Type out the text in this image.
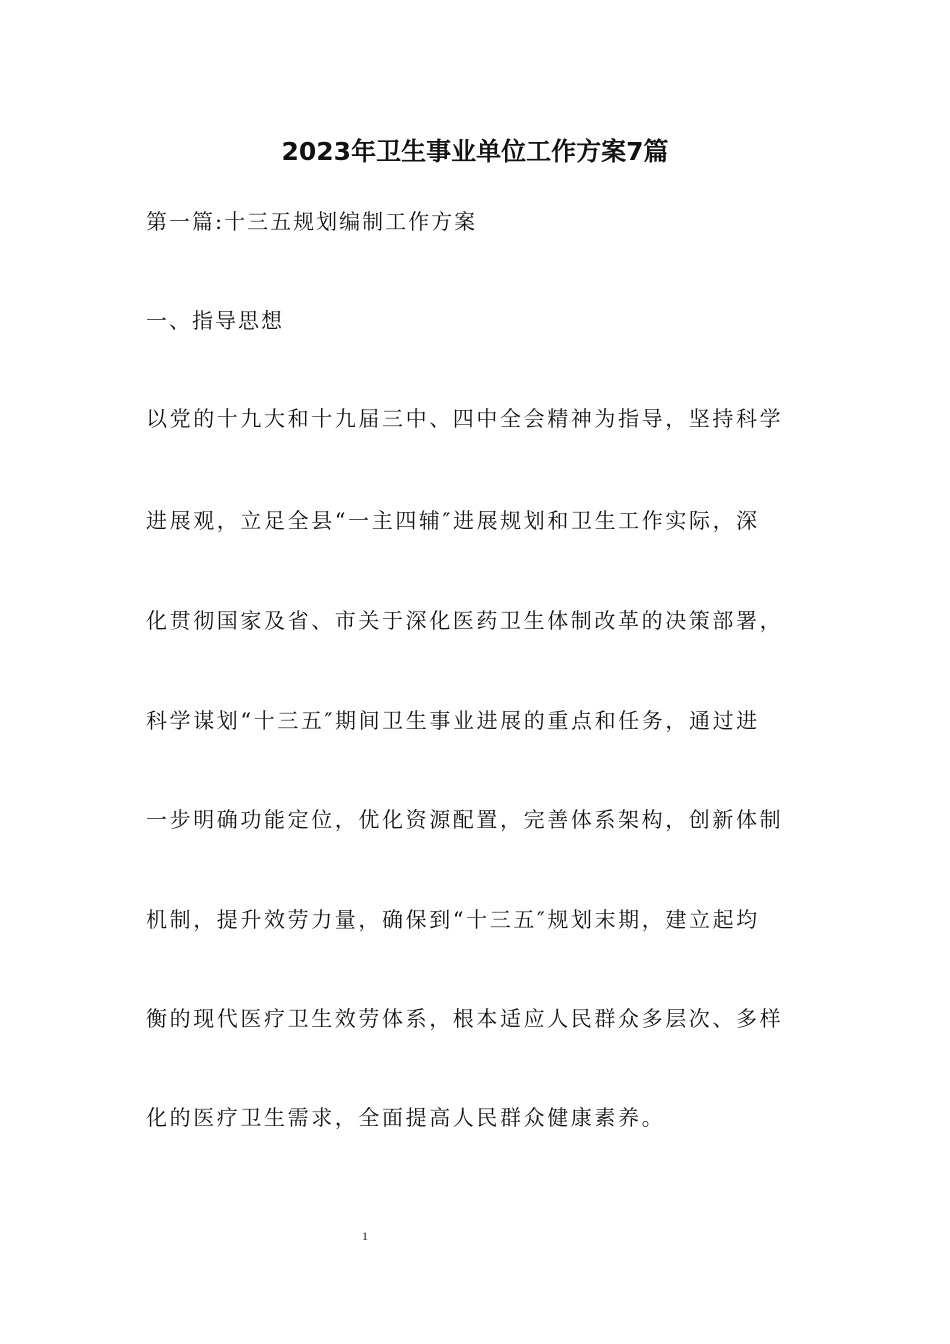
2023年卫生事业单位工作方案7篇
第一篇:十三五规划编制工作方案
一、指导思想
以党的十九大和十九届三中、四中全会精神为指导，坚持科学
进展观，立足全县“一主四辅″进展规划和卫生工作实际，深
化贯彻国家及省、市关于深化医药卫生体制改革的决策部署，
科学谋划“十三五″期间卫生事业进展的重点和任务，通过进
一步明确功能定位，优化资源配置，完善体系架构，创新体制
机制，提升效劳力量，确保到“十三五″规划末期，建立起均
衡的现代医疗卫生效劳体系，根本适应人民群众多层次、多样
化的医疗卫生需求，全面提高人民群众健康素养。
1
